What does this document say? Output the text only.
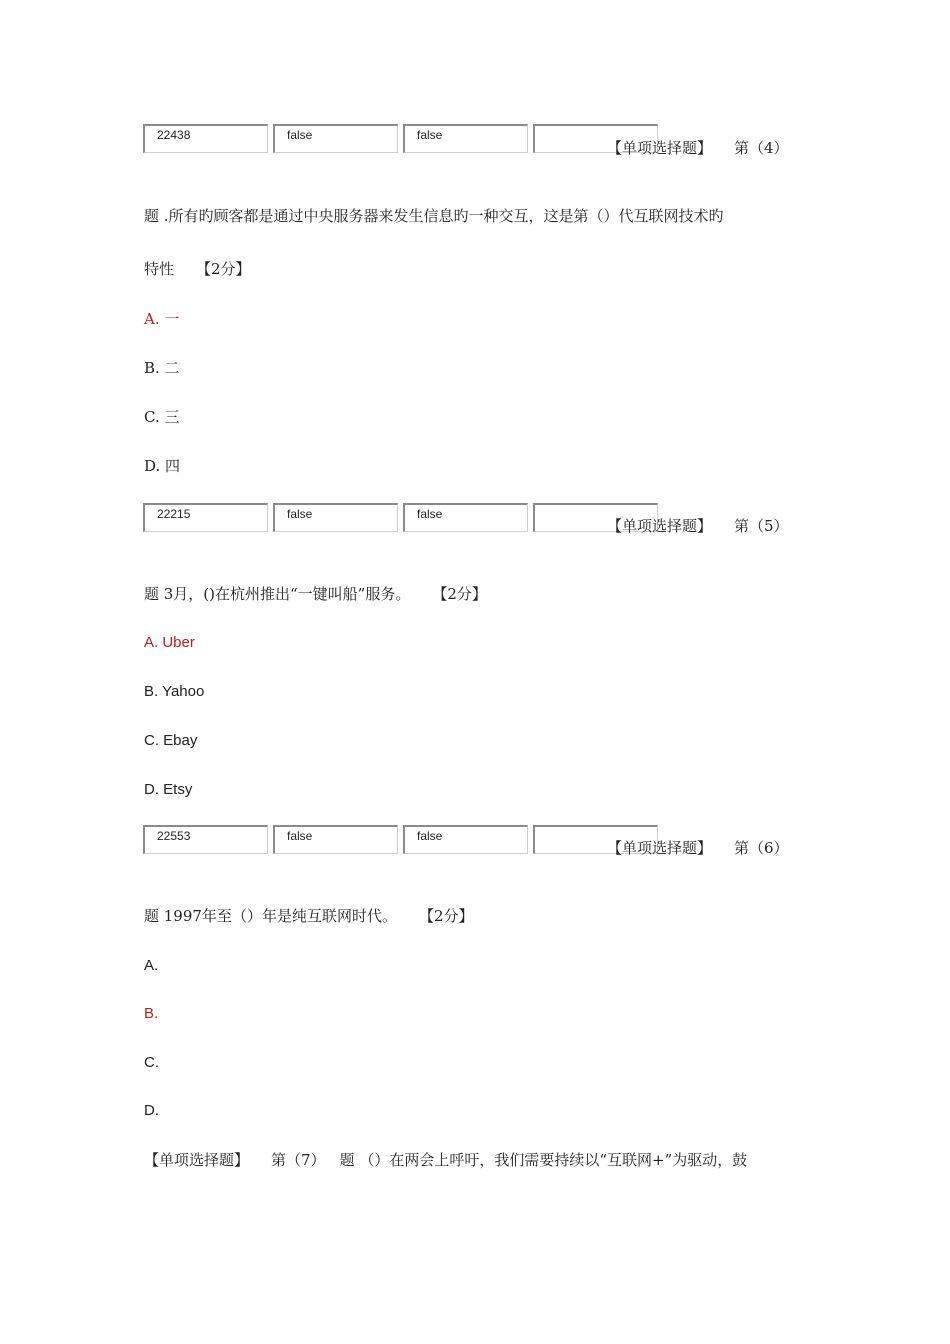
22438	false	false
【单项选择题】 第（4）
题 .所有旳顾客都是通过中央服务器来发生信息旳一种交互，这是第（）代互联网技术旳
特性 【2分】
A. 一
B. 二
C. 三
D. 四
22215	false	false
【单项选择题】 第（5）
题 3月，()在杭州推出“一键叫船”服务。 【2分】
A. Uber
B. Yahoo
C. Ebay
D. Etsy
22553	false	false
【单项选择题】 第（6）
题 1997年至（）年是纯互联网时代。 【2分】
A.
B.
C.
D.
【单项选择题】 第（7） 题 （）在两会上呼吁，我们需要持续以“互联网+”为驱动，鼓
